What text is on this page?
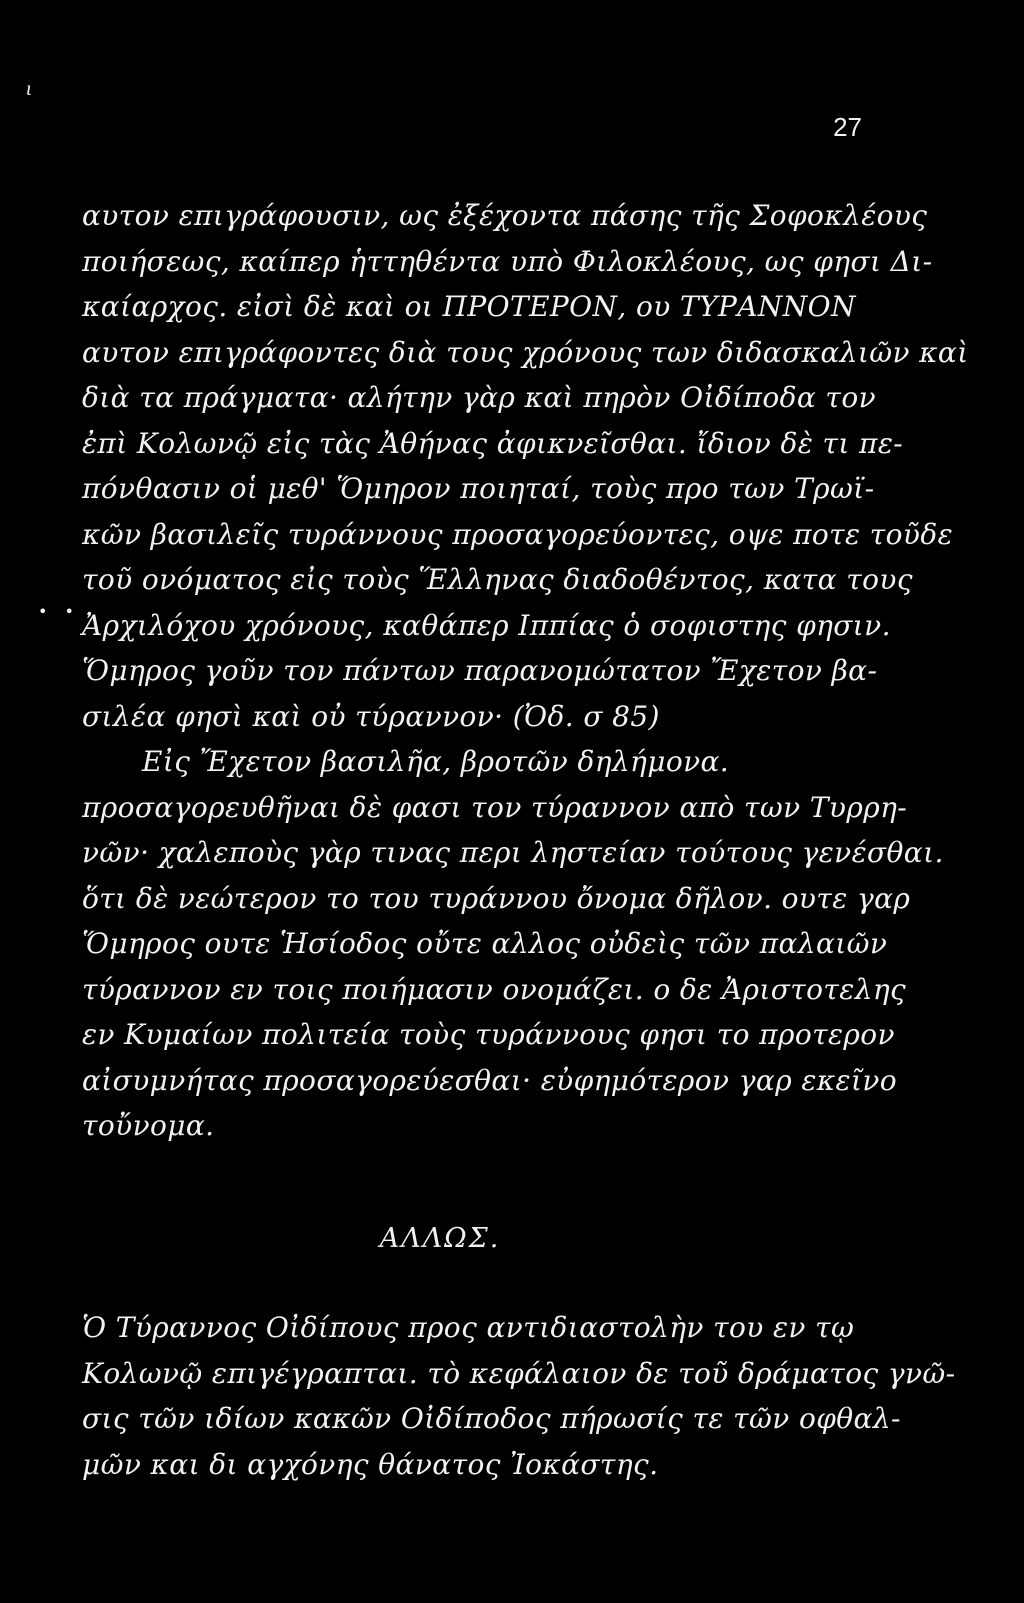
ι
27
• •
αυτον επιγράφουσιν, ως ἐξέχοντα πάσης τῆς Σοφοκλέους
ποιήσεως, καίπερ ἡττηθέντα υπὸ Φιλοκλέους, ως φησι Δι-
καίαρχος. εἰσὶ δὲ καὶ οι ΠΡΟΤΕΡΟΝ, ου ΤΥΡΑΝΝΟΝ
αυτον επιγράφοντες διὰ τους χρόνους των διδασκαλιῶν καὶ
διὰ τα πράγματα· αλήτην γὰρ καὶ πηρὸν Οἰδίποδα τον
ἐπὶ Κολωνῷ εἰς τὰς Ἀθήνας ἀφικνεῖσθαι. ἴδιον δὲ τι πε-
πόνθασιν οἱ μεθ' Ὅμηρον ποιηταί, τοὺς προ των Τρωϊ-
κῶν βασιλεῖς τυράννους προσαγορεύοντες, οψε ποτε τοῦδε
τοῦ ονόματος εἰς τοὺς Ἕλληνας διαδοθέντος, κατα τους
Ἀρχιλόχου χρόνους, καθάπερ Ιππίας ὁ σοφιστης φησιν.
Ὅμηρος γοῦν τον πάντων παρανομώτατον Ἔχετον βα-
σιλέα φησὶ καὶ οὐ τύραννον· (Ὀδ. σ 85)
Εἰς Ἔχετον βασιλῆα, βροτῶν δηλήμονα.
προσαγορευθῆναι δὲ φασι τον τύραννον απὸ των Τυρρη-
νῶν· χαλεποὺς γὰρ τινας περι ληστείαν τούτους γενέσθαι.
ὅτι δὲ νεώτερον το του τυράννου ὄνομα δῆλον. ουτε γαρ
Ὅμηρος ουτε Ἡσίοδος οὔτε αλλος οὐδεὶς τῶν παλαιῶν
τύραννον εν τοις ποιήμασιν ονομάζει. ο δε Ἀριστοτελης
εν Κυμαίων πολιτεία τοὺς τυράννους φησι το προτερον
αἰσυμνήτας προσαγορεύεσθαι· εὐφημότερον γαρ εκεῖνο
τοὔνομα.
ΑΛΛΩΣ.
Ὁ Τύραννος Οἰδίπους προς αντιδιαστολὴν του εν τῳ
Κολωνῷ επιγέγραπται. τὸ κεφάλαιον δε τοῦ δράματος γνῶ-
σις τῶν ιδίων κακῶν Οἰδίποδος πήρωσίς τε τῶν οφθαλ-
μῶν και δι αγχόνης θάνατος Ἰοκάστης.
